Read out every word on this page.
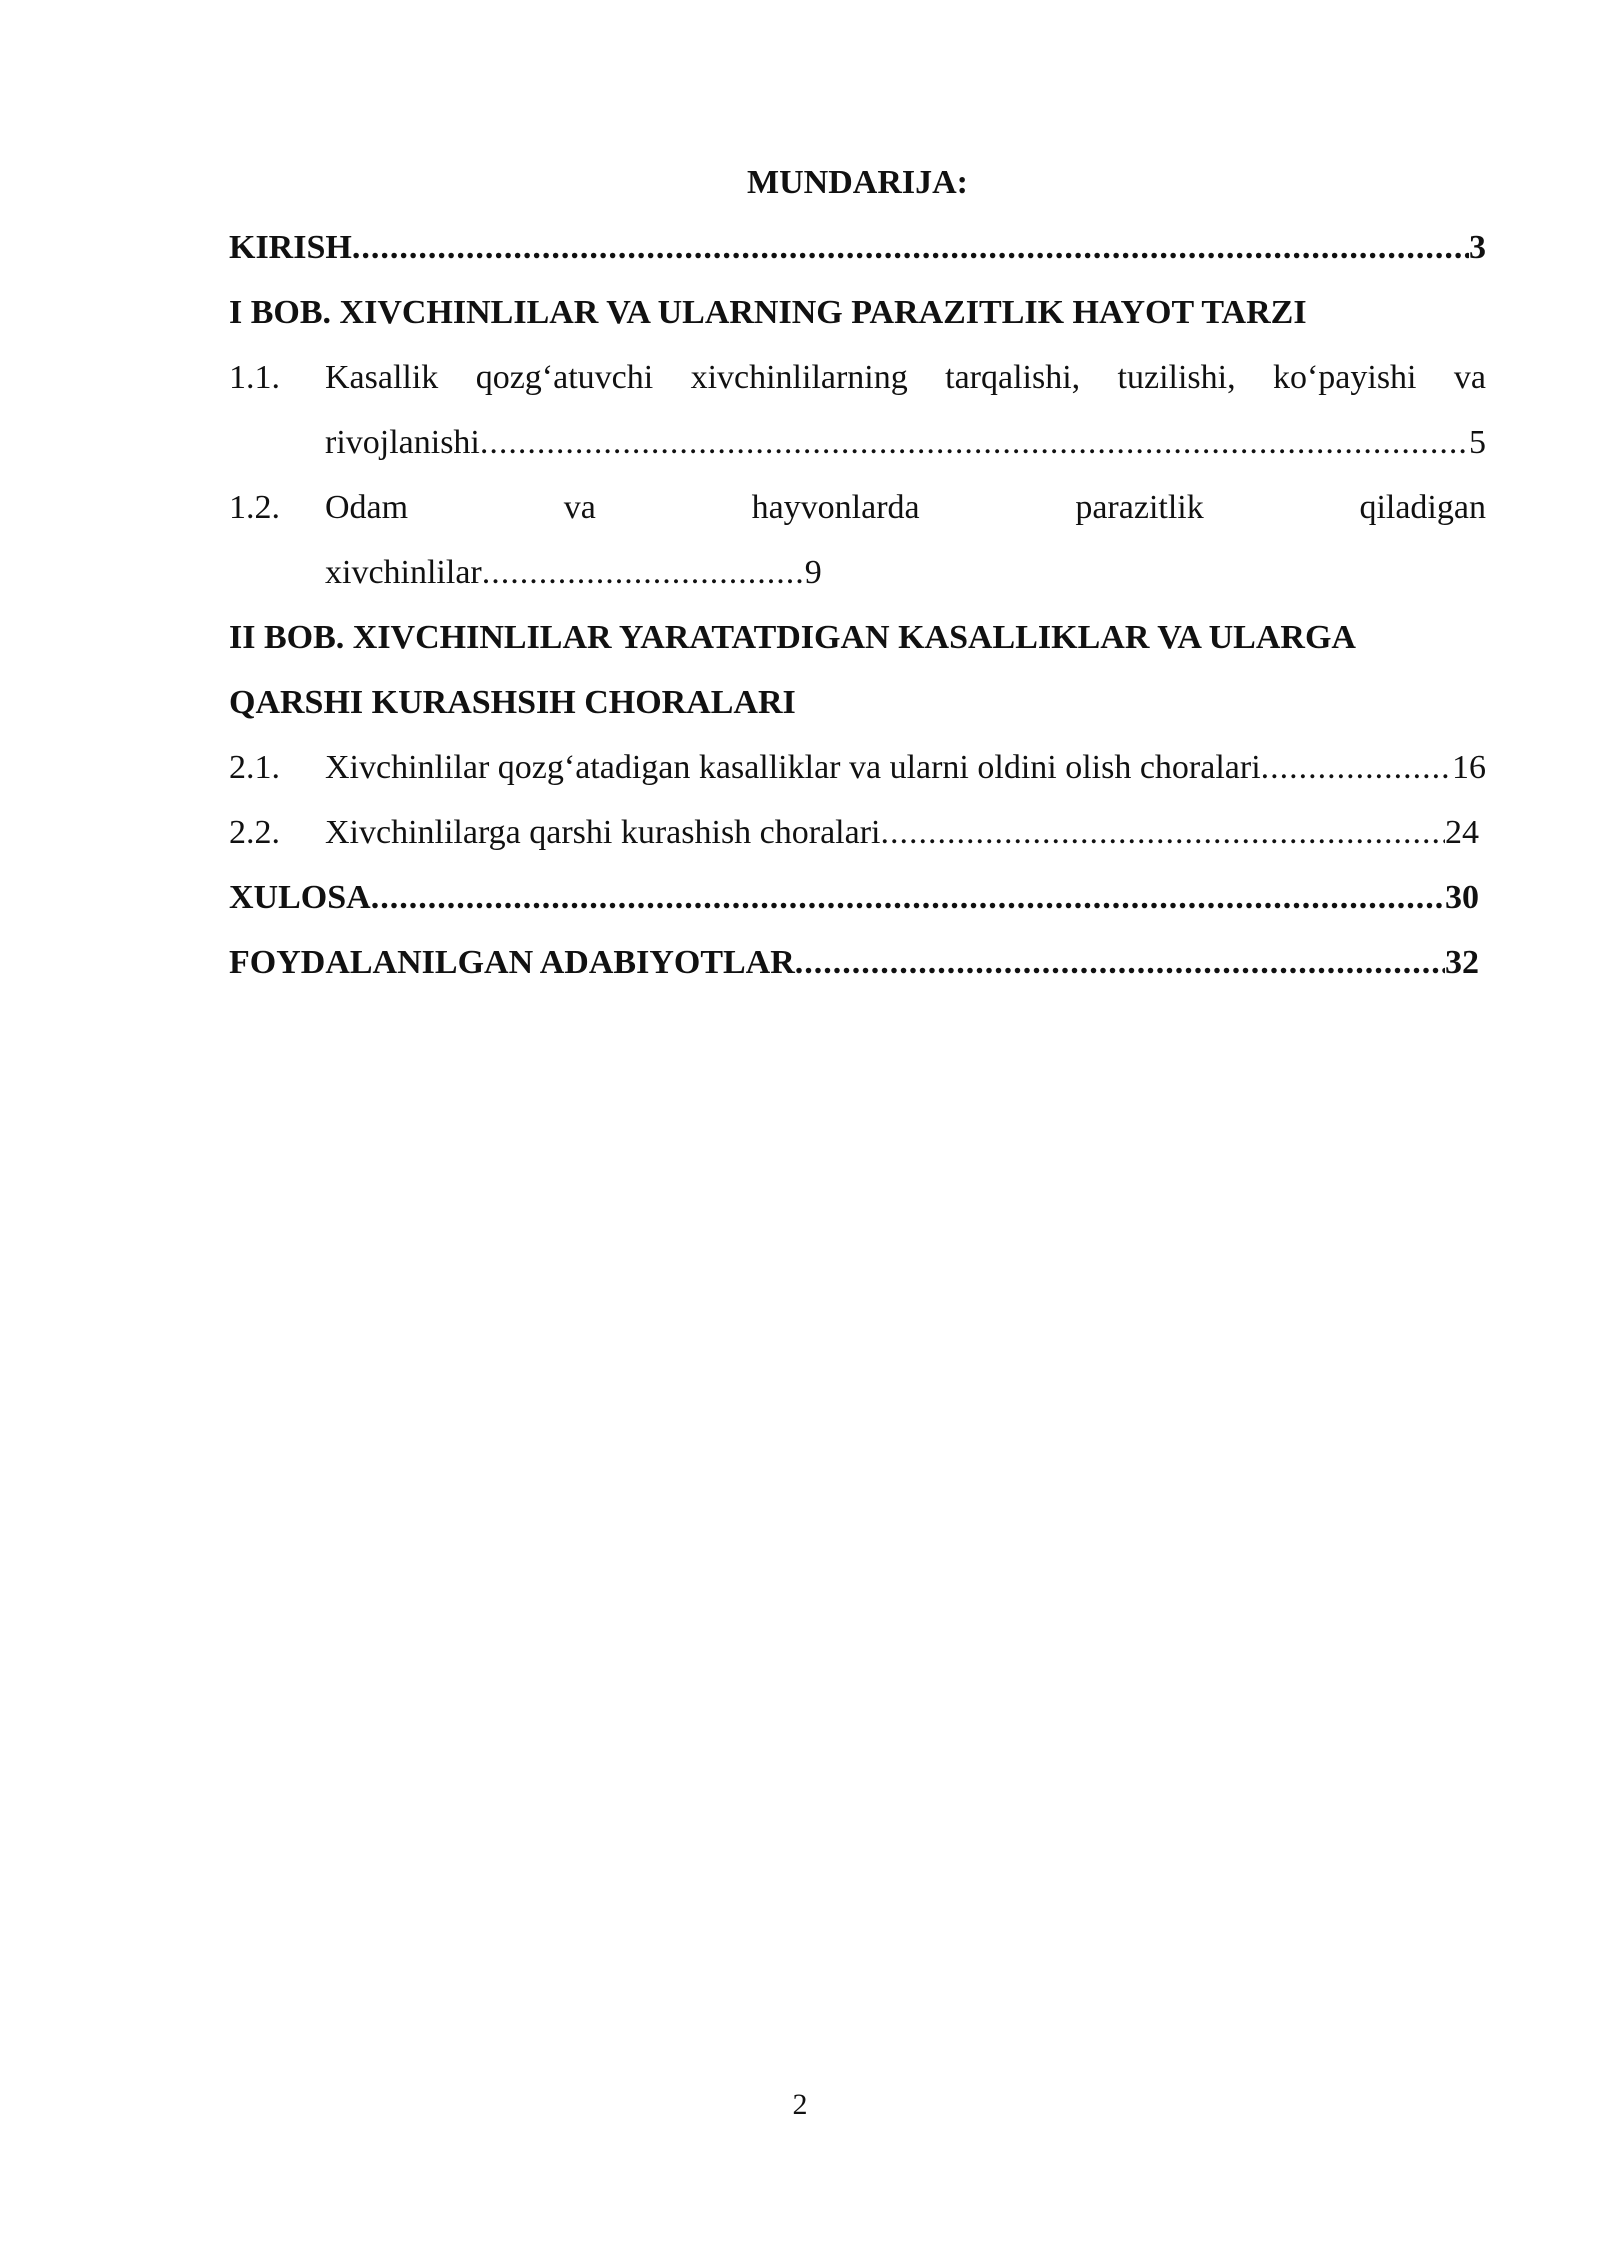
MUNDARIJA:
KIRISH .....	3
I BOB. XIVCHINLILAR VA ULARNING PARAZITLIK HAYOT TARZI
1.1.	Kasallik qozg‘atuvchi xivchinlilarning tarqalishi, tuzilishi, ko‘payishi va
rivojlanishi .....	5
1.2.	Odam	va	hayvonlarda	parazitlik	qiladigan
xivchinlilar .................................. 9
II BOB. XIVCHINLILAR YARATATDIGAN KASALLIKLAR VA ULARGA
QARSHI KURASHSIH CHORALARI
2.1.	Xivchinlilar qozg‘atadigan kasalliklar va ularni oldini olish choralari .....	16
2.2.	Xivchinlilarga qarshi kurashish choralari .....	24
XULOSA .....	30
FOYDALANILGAN ADABIYOTLAR .....	32
2
